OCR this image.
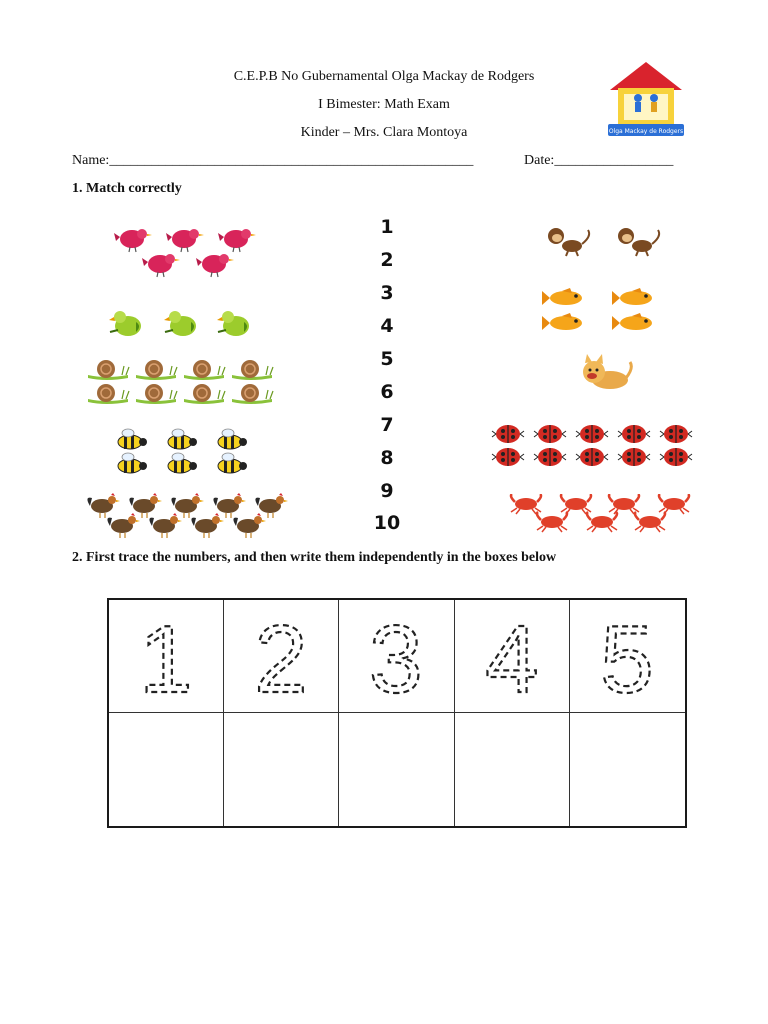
C.E.P.B No Gubernamental Olga Mackay de Rodgers
I Bimester: Math Exam
Kinder – Mrs. Clara Montoya
Name:____________________________________________________	Date:_________________
Olga Mackay de Rodgers
1. Match correctly
1
2
3
4
5
6
7
8
9
10
2. First trace the numbers, and then write them independently in the boxes below
1 2 3 4 5
